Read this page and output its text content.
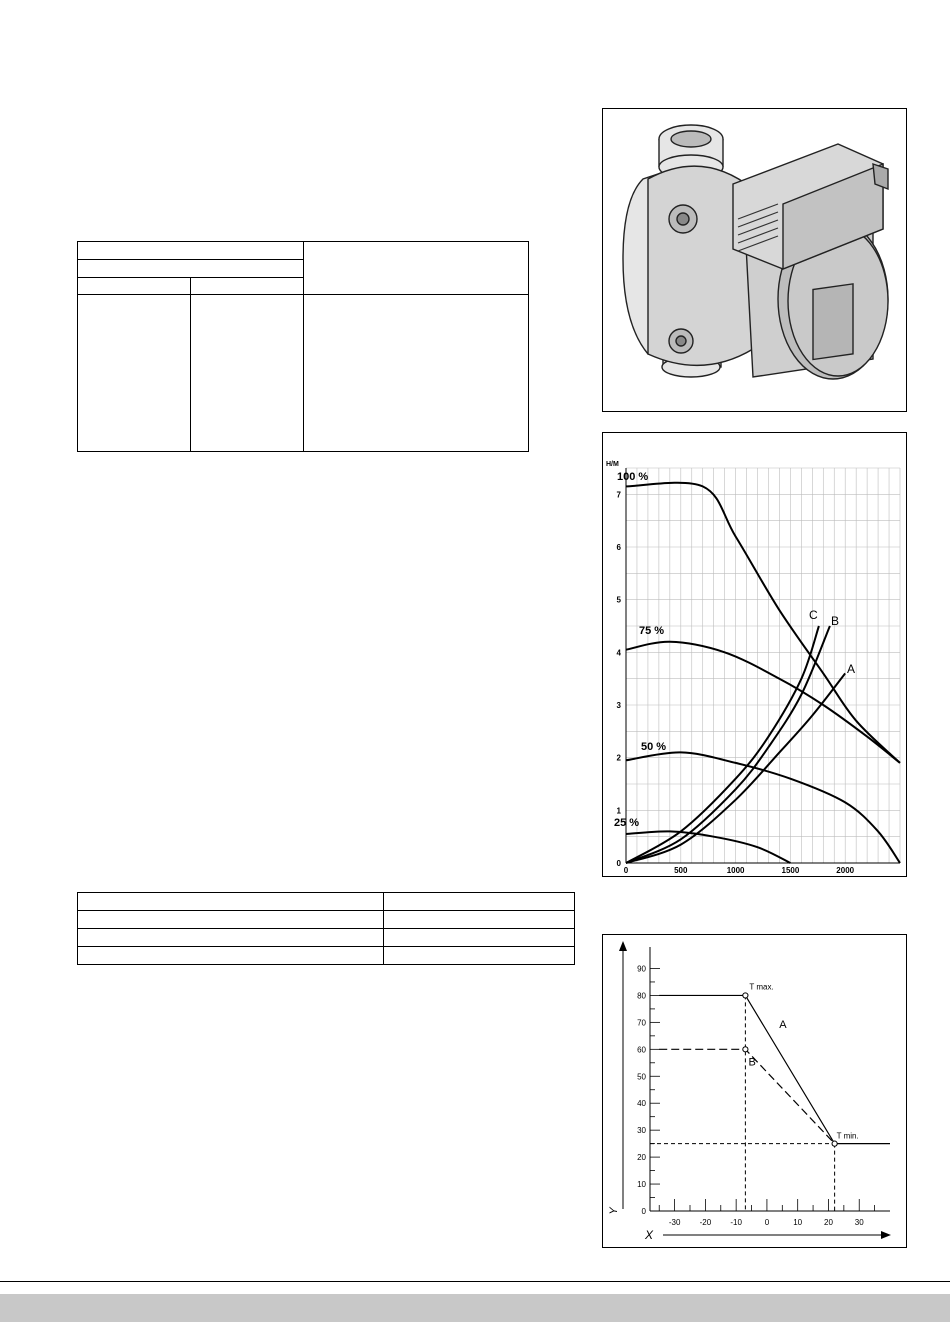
0
1
2
3
4
5
6
7
0	500	1000	1500	2000
H/M
100 %
75 %
50 %
25 %
C B
A
0
10
20
30
40
50
60
70
80
90
-30 -20 -10	0	10	20	30
Y
X
T max.
T min.
A
B
